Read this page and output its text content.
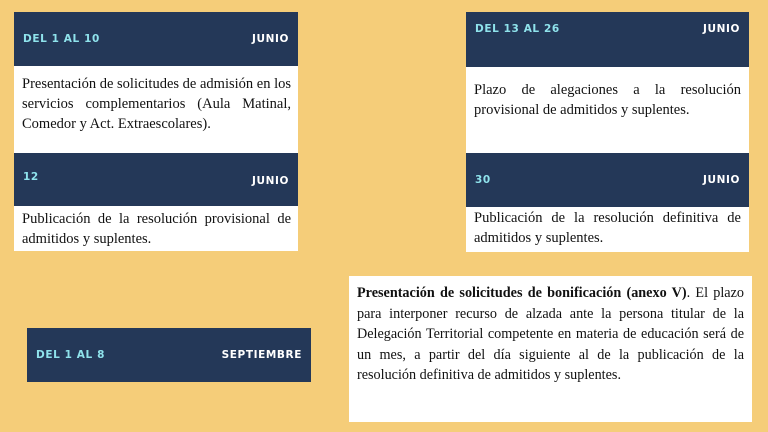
DEL 1 AL 10	JUNIO
Presentación de solicitudes de admisión en los servicios complementarios (Aula Matinal, Comedor y Act. Extraescolares).
12	JUNIO
Publicación de la resolución provisional de admitidos y suplentes.
DEL 13 AL 26	JUNIO
Plazo de alegaciones a la resolución provisional de admitidos y suplentes.
30	JUNIO
Publicación de la resolución definitiva de admitidos y suplentes.
DEL 1 AL 8	SEPTIEMBRE
Presentación de solicitudes de bonificación (anexo V). El plazo para interponer recurso de alzada ante la persona titular de la Delegación Territorial competente en materia de educación será de un mes, a partir del día siguiente al de la publicación de la resolución definitiva de admitidos y suplentes.
